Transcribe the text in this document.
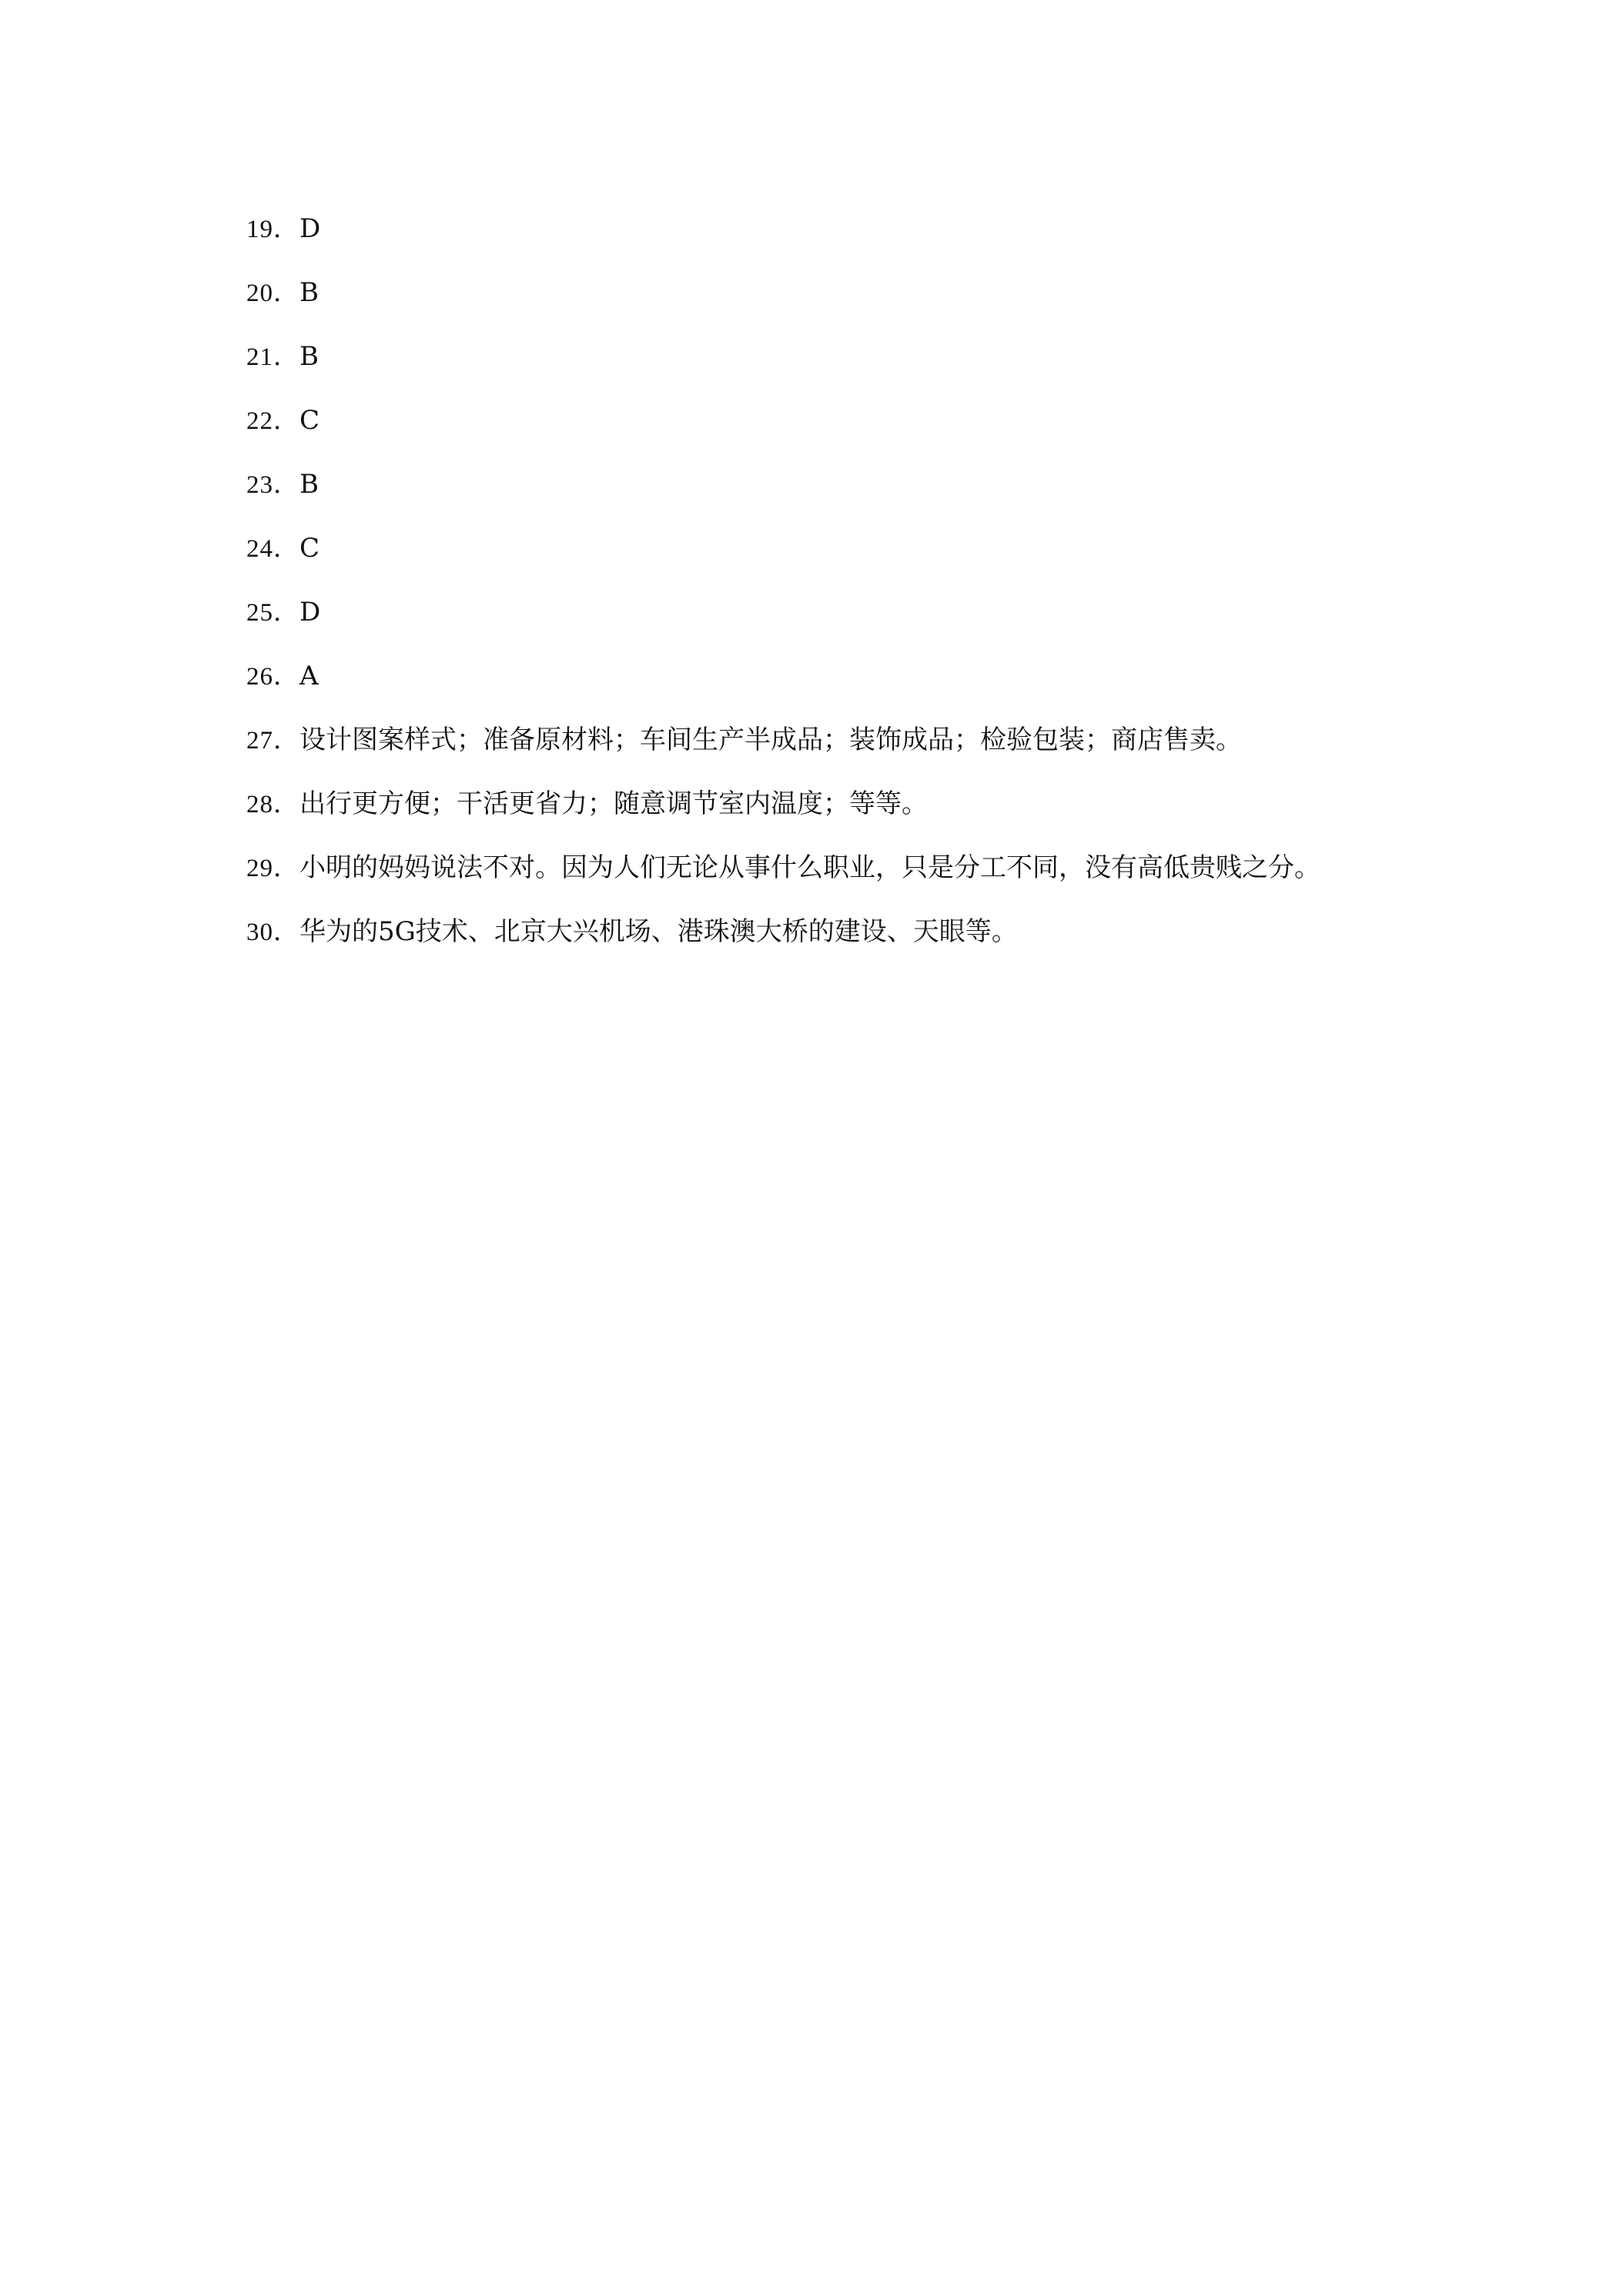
19．D
20．B
21．B
22．C
23．B
24．C
25．D
26．A
27．设计图案样式；准备原材料；车间生产半成品；装饰成品；检验包装；商店售卖。
28．出行更方便；干活更省力；随意调节室内温度；等等。
29．小明的妈妈说法不对。因为人们无论从事什么职业，只是分工不同，没有高低贵贱之分。
30．华为的5G技术、北京大兴机场、港珠澳大桥的建设、天眼等。
